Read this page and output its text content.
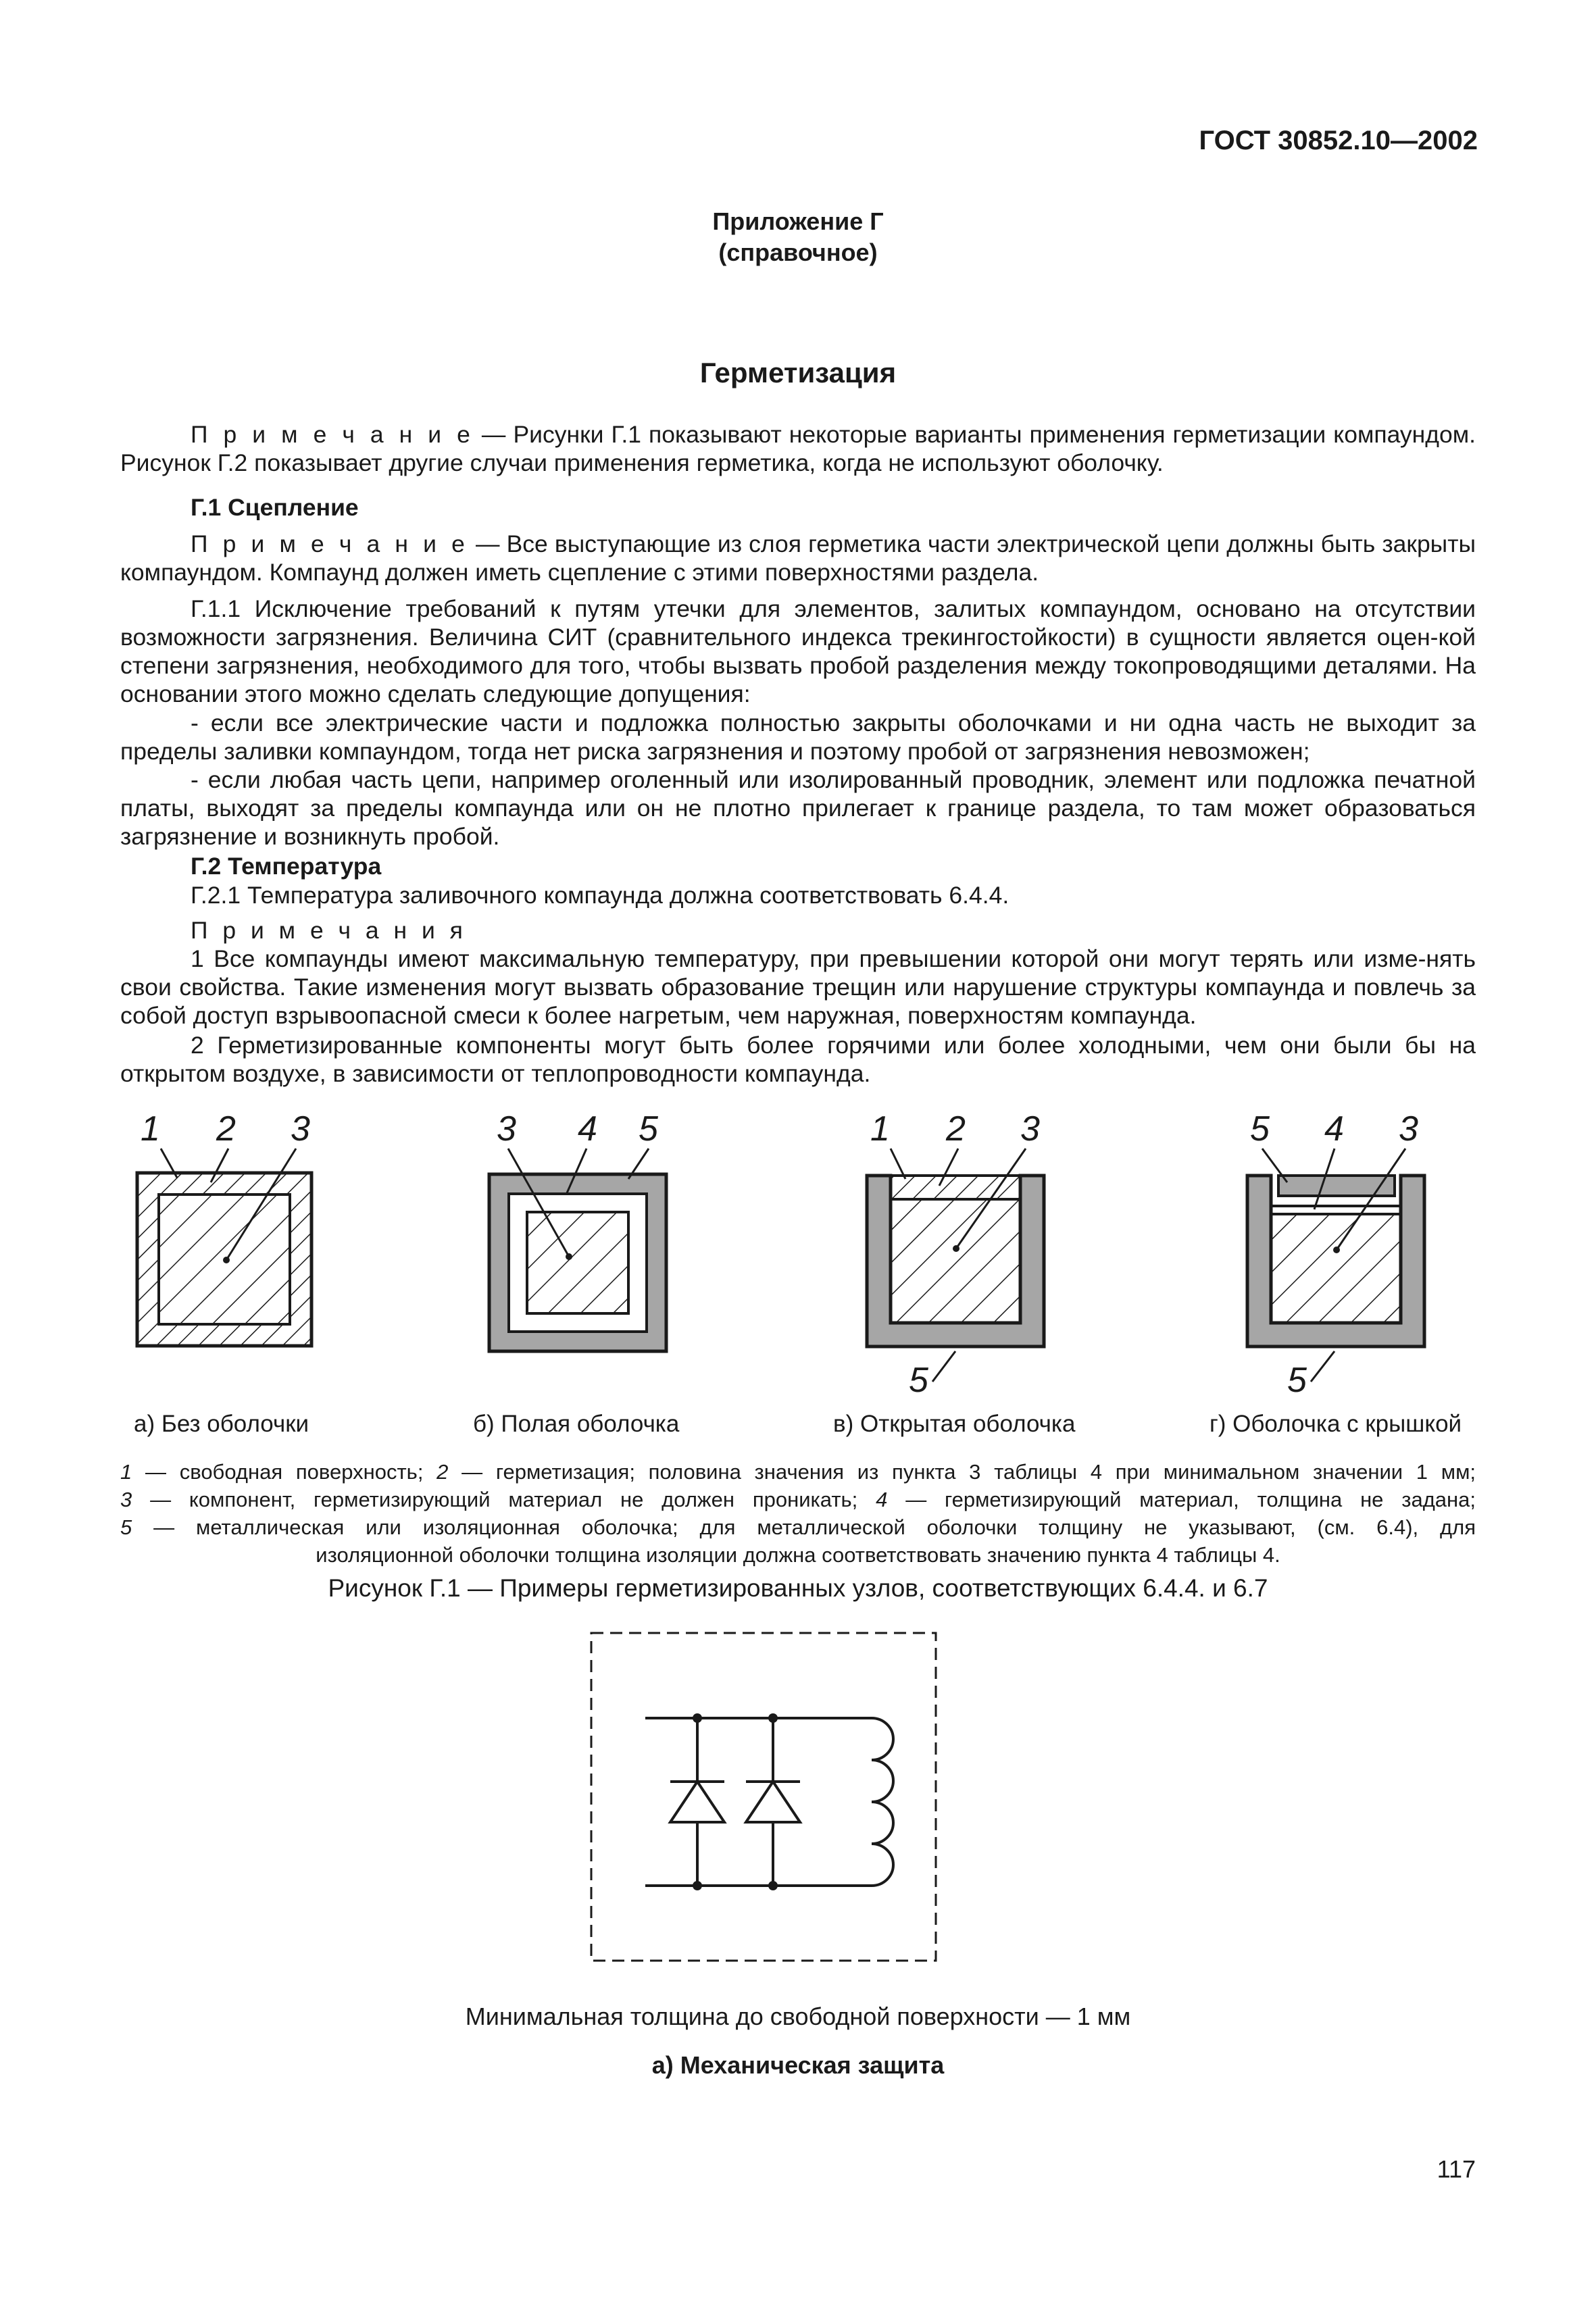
ГОСТ 30852.10—2002
Приложение Г
(справочное)
Герметизация
П р и м е ч а н и е — Рисунки Г.1 показывают некоторые варианты применения герметизации компаундом. Рисунок Г.2 показывает другие случаи применения герметика, когда не используют оболочку.
Г.1 Сцепление
П р и м е ч а н и е — Все выступающие из слоя герметика части электрической цепи должны быть закрыты компаундом. Компаунд должен иметь сцепление с этими поверхностями раздела.
Г.1.1 Исключение требований к путям утечки для элементов, залитых компаундом, основано на отсутствии возможности загрязнения. Величина СИТ (сравнительного индекса трекингостойкости) в сущности является оцен-кой степени загрязнения, необходимого для того, чтобы вызвать пробой разделения между токопроводящими деталями. На основании этого можно сделать следующие допущения:
- если все электрические части и подложка полностью закрыты оболочками и ни одна часть не выходит за пределы заливки компаундом, тогда нет риска загрязнения и поэтому пробой от загрязнения невозможен;
- если любая часть цепи, например оголенный или изолированный проводник, элемент или подложка печатной платы, выходят за пределы компаунда или он не плотно прилегает к границе раздела, то там может образоваться загрязнение и возникнуть пробой.
Г.2 Температура
Г.2.1 Температура заливочного компаунда должна соответствовать 6.4.4.
П р и м е ч а н и я
1 Все компаунды имеют максимальную температуру, при превышении которой они могут терять или изме-нять свои свойства. Такие изменения могут вызвать образование трещин или нарушение структуры компаунда и повлечь за собой доступ взрывоопасной смеси к более нагретым, чем наружная, поверхностям компаунда.
2 Герметизированные компоненты могут быть более горячими или более холодными, чем они были бы на открытом воздухе, в зависимости от теплопроводности компаунда.
1 2 3	3 4 5	1 2 3
5
5 4 3
5
а) Без оболочки	б) Полая оболочка	в) Открытая оболочка	г) Оболочка с крышкой
1 — свободная поверхность; 2 — герметизация; половина значения из пункта 3 таблицы 4 при минимальном значении 1 мм;
3 — компонент, герметизирующий материал не должен проникать; 4 — герметизирующий материал, толщина не задана;
5 — металлическая или изоляционная оболочка; для металлической оболочки толщину не указывают, (см. 6.4), для
изоляционной оболочки толщина изоляции должна соответствовать значению пункта 4 таблицы 4.
Рисунок Г.1 — Примеры герметизированных узлов, соответствующих 6.4.4. и 6.7
Минимальная толщина до свободной поверхности — 1 мм
а) Механическая защита
117
